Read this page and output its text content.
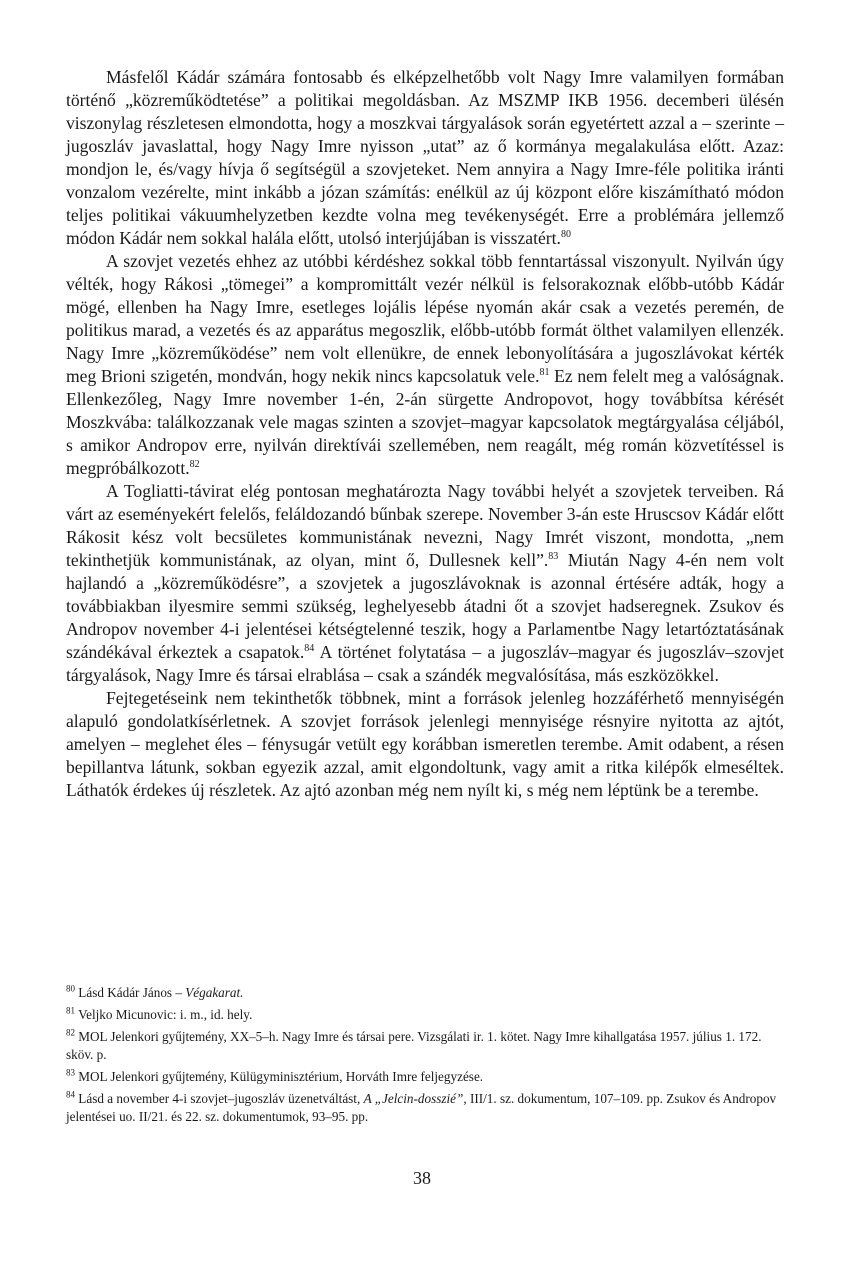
Másfelől Kádár számára fontosabb és elképzelhetőbb volt Nagy Imre valamilyen formában történő „közreműködtetése” a politikai megoldásban. Az MSZMP IKB 1956. decemberi ülésén viszonylag részletesen elmondotta, hogy a moszkvai tárgyalások során egyetértett azzal a – szerinte – jugoszláv javaslattal, hogy Nagy Imre nyisson „utat” az ő kormánya megalakulása előtt. Azaz: mondjon le, és/vagy hívja ő segítségül a szovjeteket. Nem annyira a Nagy Imre-féle politika iránti vonzalom vezérelte, mint inkább a józan számítás: enélkül az új központ előre kiszámítható módon teljes politikai vákuumhelyzetben kezdte volna meg tevékenységét. Erre a problémára jellemző módon Kádár nem sokkal halála előtt, utolsó interjújában is visszatért.$^{80}$

A szovjet vezetés ehhez az utóbbi kérdéshez sokkal több fenntartással viszonyult. Nyilván úgy vélték, hogy Rákosi „tömegei” a kompromittált vezér nélkül is felsorakoznak előbb-utóbb Kádár mögé, ellenben ha Nagy Imre, esetleges lojális lépése nyomán akár csak a vezetés peremén, de politikus marad, a vezetés és az apparátus megoszlik, előbb-utóbb formát ölthet valamilyen ellenzék. Nagy Imre „közreműködése” nem volt ellenükre, de ennek lebonyolítására a jugoszlávokat kérték meg Brioni szigetén, mondván, hogy nekik nincs kapcsolatuk vele.$^{81}$ Ez nem felelt meg a valóságnak. Ellenkezőleg, Nagy Imre november 1-én, 2-án sürgette Andropovot, hogy továbbítsa kérését Moszkvába: találkozzanak vele magas szinten a szovjet–magyar kapcsolatok megtárgyalása céljából, s amikor Andropov erre, nyilván direktívái szellemében, nem reagált, még román közvetítéssel is megpróbálkozott.$^{82}$

A Togliatti-távirat elég pontosan meghatározta Nagy további helyét a szovjetek terveiben. Rá várt az eseményekért felelős, feláldozandó bűnbak szerepe. November 3-án este Hruscsov Kádár előtt Rákosit kész volt becsületes kommunistának nevezni, Nagy Imrét viszont, mondotta, „nem tekinthetjük kommunistának, az olyan, mint ő, Dullesnek kell”.$^{83}$ Miután Nagy 4-én nem volt hajlandó a „közreműködésre”, a szovjetek a jugoszlávoknak is azonnal értésére adták, hogy a továbbiakban ilyesmire semmi szükség, leghelyesebb átadni őt a szovjet hadseregnek. Zsukov és Andropov november 4-i jelentései kétségtelenné teszik, hogy a Parlamentbe Nagy letartóztatásának szándékával érkeztek a csapatok.$^{84}$ A történet folytatása – a jugoszláv–magyar és jugoszláv–szovjet tárgyalások, Nagy Imre és társai elrablása – csak a szándék megvalósítása, más eszközökkel.

Fejtegetéseink nem tekinthetők többnek, mint a források jelenleg hozzáférhető mennyiségén alapuló gondolatkísérletnek. A szovjet források jelenlegi mennyisége résnyire nyitotta az ajtót, amelyen – meglehet éles – fénysugár vetült egy korábban ismeretlen terembe. Amit odabent, a résen bepillantva látunk, sokban egyezik azzal, amit elgondoltunk, vagy amit a ritka kilépők elmeséltek. Láthatók érdekes új részletek. Az ajtó azonban még nem nyílt ki, s még nem léptünk be a terembe.

$^{80}$ Lásd Kádár János – Végakarat.

$^{81}$ Veljko Micunovic: i. m., id. hely.

$^{82}$ MOL Jelenkori gyűjtemény, XX–5–h. Nagy Imre és társai pere. Vizsgálati ir. 1. kötet. Nagy Imre kihallgatása 1957. július 1. 172. sköv. p.

$^{83}$ MOL Jelenkori gyűjtemény, Külügyminisztérium, Horváth Imre feljegyzése.

$^{84}$ Lásd a november 4-i szovjet–jugoszláv üzenetváltást, A „Jelcin-dosszié”, III/1. sz. dokumentum, 107–109. pp. Zsukov és Andropov jelentései uo. II/21. és 22. sz. dokumentumok, 93–95. pp.

38
